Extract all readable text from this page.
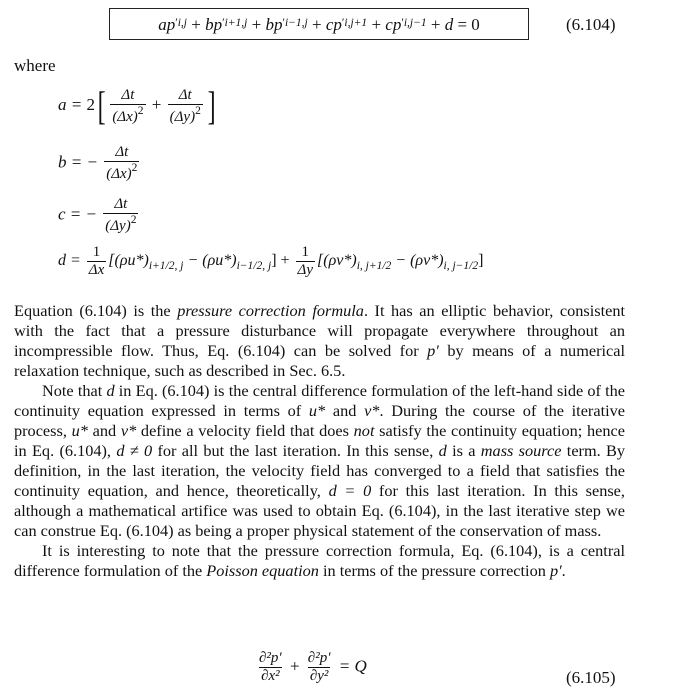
a p ′ i,j
+
b p ′ i+1,j
+
b p ′ i−1,j
+
c p ′ i,j+1
+
c p ′ i,j−1
+
d
= 0	(6.104)
where
$a = 2[ \frac{\Delta t}{(\Delta x)^2} + \frac{\Delta t}{(\Delta y)^2}$ ]
b = − $\frac{\Delta t}{(\Delta x)^2}$
c = − $\frac{\Delta t}{(\Delta y)^2}$
$d = \frac{1}{\Delta x} [(\rho u*)_{i+1/2, j} - (\rho u*)_{i-1/2, j}] + \frac{1}{\Delta y} [(\rho v*)_{i, j+1/2} - (\rho v*)_{i, j-1/2}]$

Equation (6.104) is the pressure correction formula. It has an elliptic behavior, consistent with the fact that a pressure disturbance will propagate everywhere throughout an incompressible flow. Thus, Eq. (6.104) can be solved for p′ by means of a numerical relaxation technique, such as described in Sec. 6.5.

Note that d in Eq. (6.104) is the central difference formulation of the left-hand side of the continuity equation expressed in terms of u* and v*. During the course of the iterative process, u* and v* define a velocity field that does not satisfy the continuity equation; hence in Eq. (6.104), d ≠ 0 for all but the last iteration. In this sense, d is a mass source term. By definition, in the last iteration, the velocity field has converged to a field that satisfies the continuity equation, and hence, theoretically, d = 0 for this last iteration. In this sense, although a mathematical artifice was used to obtain Eq. (6.104), in the last iterative step we can construe Eq. (6.104) as being a proper physical statement of the conservation of mass.

It is interesting to note that the pressure correction formula, Eq. (6.104), is a central difference formulation of the Poisson equation in terms of the pressure correction p′.

$\frac{\text{∂²p′}}{\text{∂x²}} + \frac{\text{∂²p′}}{\text{∂y²}} = Q$
(6.105)
